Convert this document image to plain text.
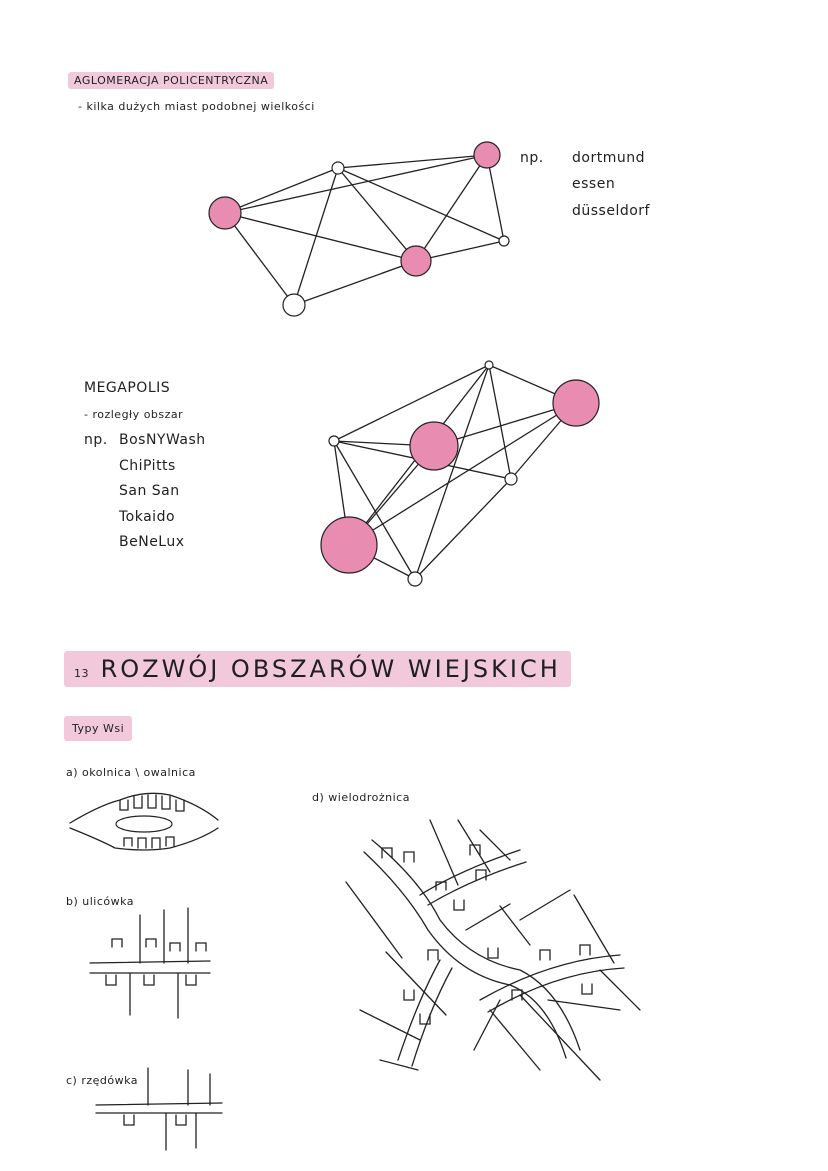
AGLOMERACJA POLICENTRYCZNA
- kilka dużych miast podobnej wielkości
np. dortmund
essen
düsseldorf
MEGAPOLIS
- rozległy obszar
np. BosNYWash
ChiPitts
San San
Tokaido
BeNeLux
13 ROZWÓJ OBSZARÓW WIEJSKICH
Typy Wsi
a) okolnica \ owalnica
b) ulicówka
c) rzędówka
d) wielodrożnica
